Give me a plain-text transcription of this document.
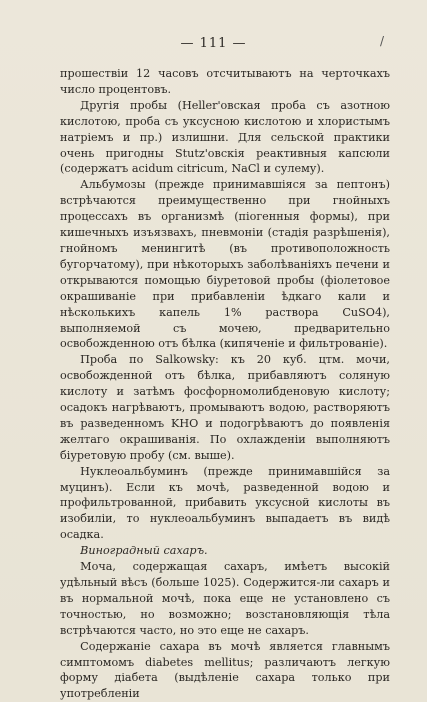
— 111 —	/

прошествіи 12 часовъ отсчитываютъ на черточкахъ число процентовъ.

Другія пробы (Heller'овская проба съ азотною кислотою, проба съ уксусною кислотою и хлористымъ натріемъ и пр.) излишни. Для сельской практики очень пригодны Stutz'овскія реактивныя капсюли (содержатъ acidum citricum, NaCl и сулему).

Альбумозы (прежде принимавшіяся за пептонъ) встрѣчаются преимущественно при гнойныхъ процессахъ въ организмѣ (піогенныя формы), при кишечныхъ изъязвахъ, пневмоніи (стадія разрѣшенія), гнойномъ менингитѣ (въ противоположность бугорчатому), при нѣкоторыхъ заболѣваніяхъ печени и открываются помощью біуретовой пробы (фіолетовое окрашиваніе при прибавленіи ѣдкаго кали и нѣсколькихъ капель 1% раствора CuSO4), выполняемой съ мочею, предварительно освобожденною отъ бѣлка (кипяченіе и фильтрованіе).

Проба по Salkowsky: къ 20 куб. цтм. мочи, освобожденной отъ бѣлка, прибавляютъ соляную кислоту и затѣмъ фосфорномолибденовую кислоту; осадокъ нагрѣваютъ, промываютъ водою, растворяютъ въ разведенномъ KHO и подогрѣваютъ до появленія желтаго окрашиванія. По охлажденіи выполняютъ біуретовую пробу (см. выше).

Нуклеоальбуминъ (прежде принимавшійся за муцинъ). Если къ мочѣ, разведенной водою и профильтрованной, прибавить уксусной кислоты въ изобиліи, то нуклеоальбуминъ выпадаетъ въ видѣ осадка.

Виноградный сахаръ.

Моча, содержащая сахаръ, имѣетъ высокій удѣльный вѣсъ (больше 1025). Содержится-ли сахаръ и въ нормальной мочѣ, пока еще не установлено съ точностью, но возможно; возстановляющія тѣла встрѣчаются часто, но это еще не сахаръ.

Содержаніе сахара въ мочѣ является главнымъ симптомомъ diabetes mellitus; различаютъ легкую форму діабета (выдѣленіе сахара только при употребленіи
